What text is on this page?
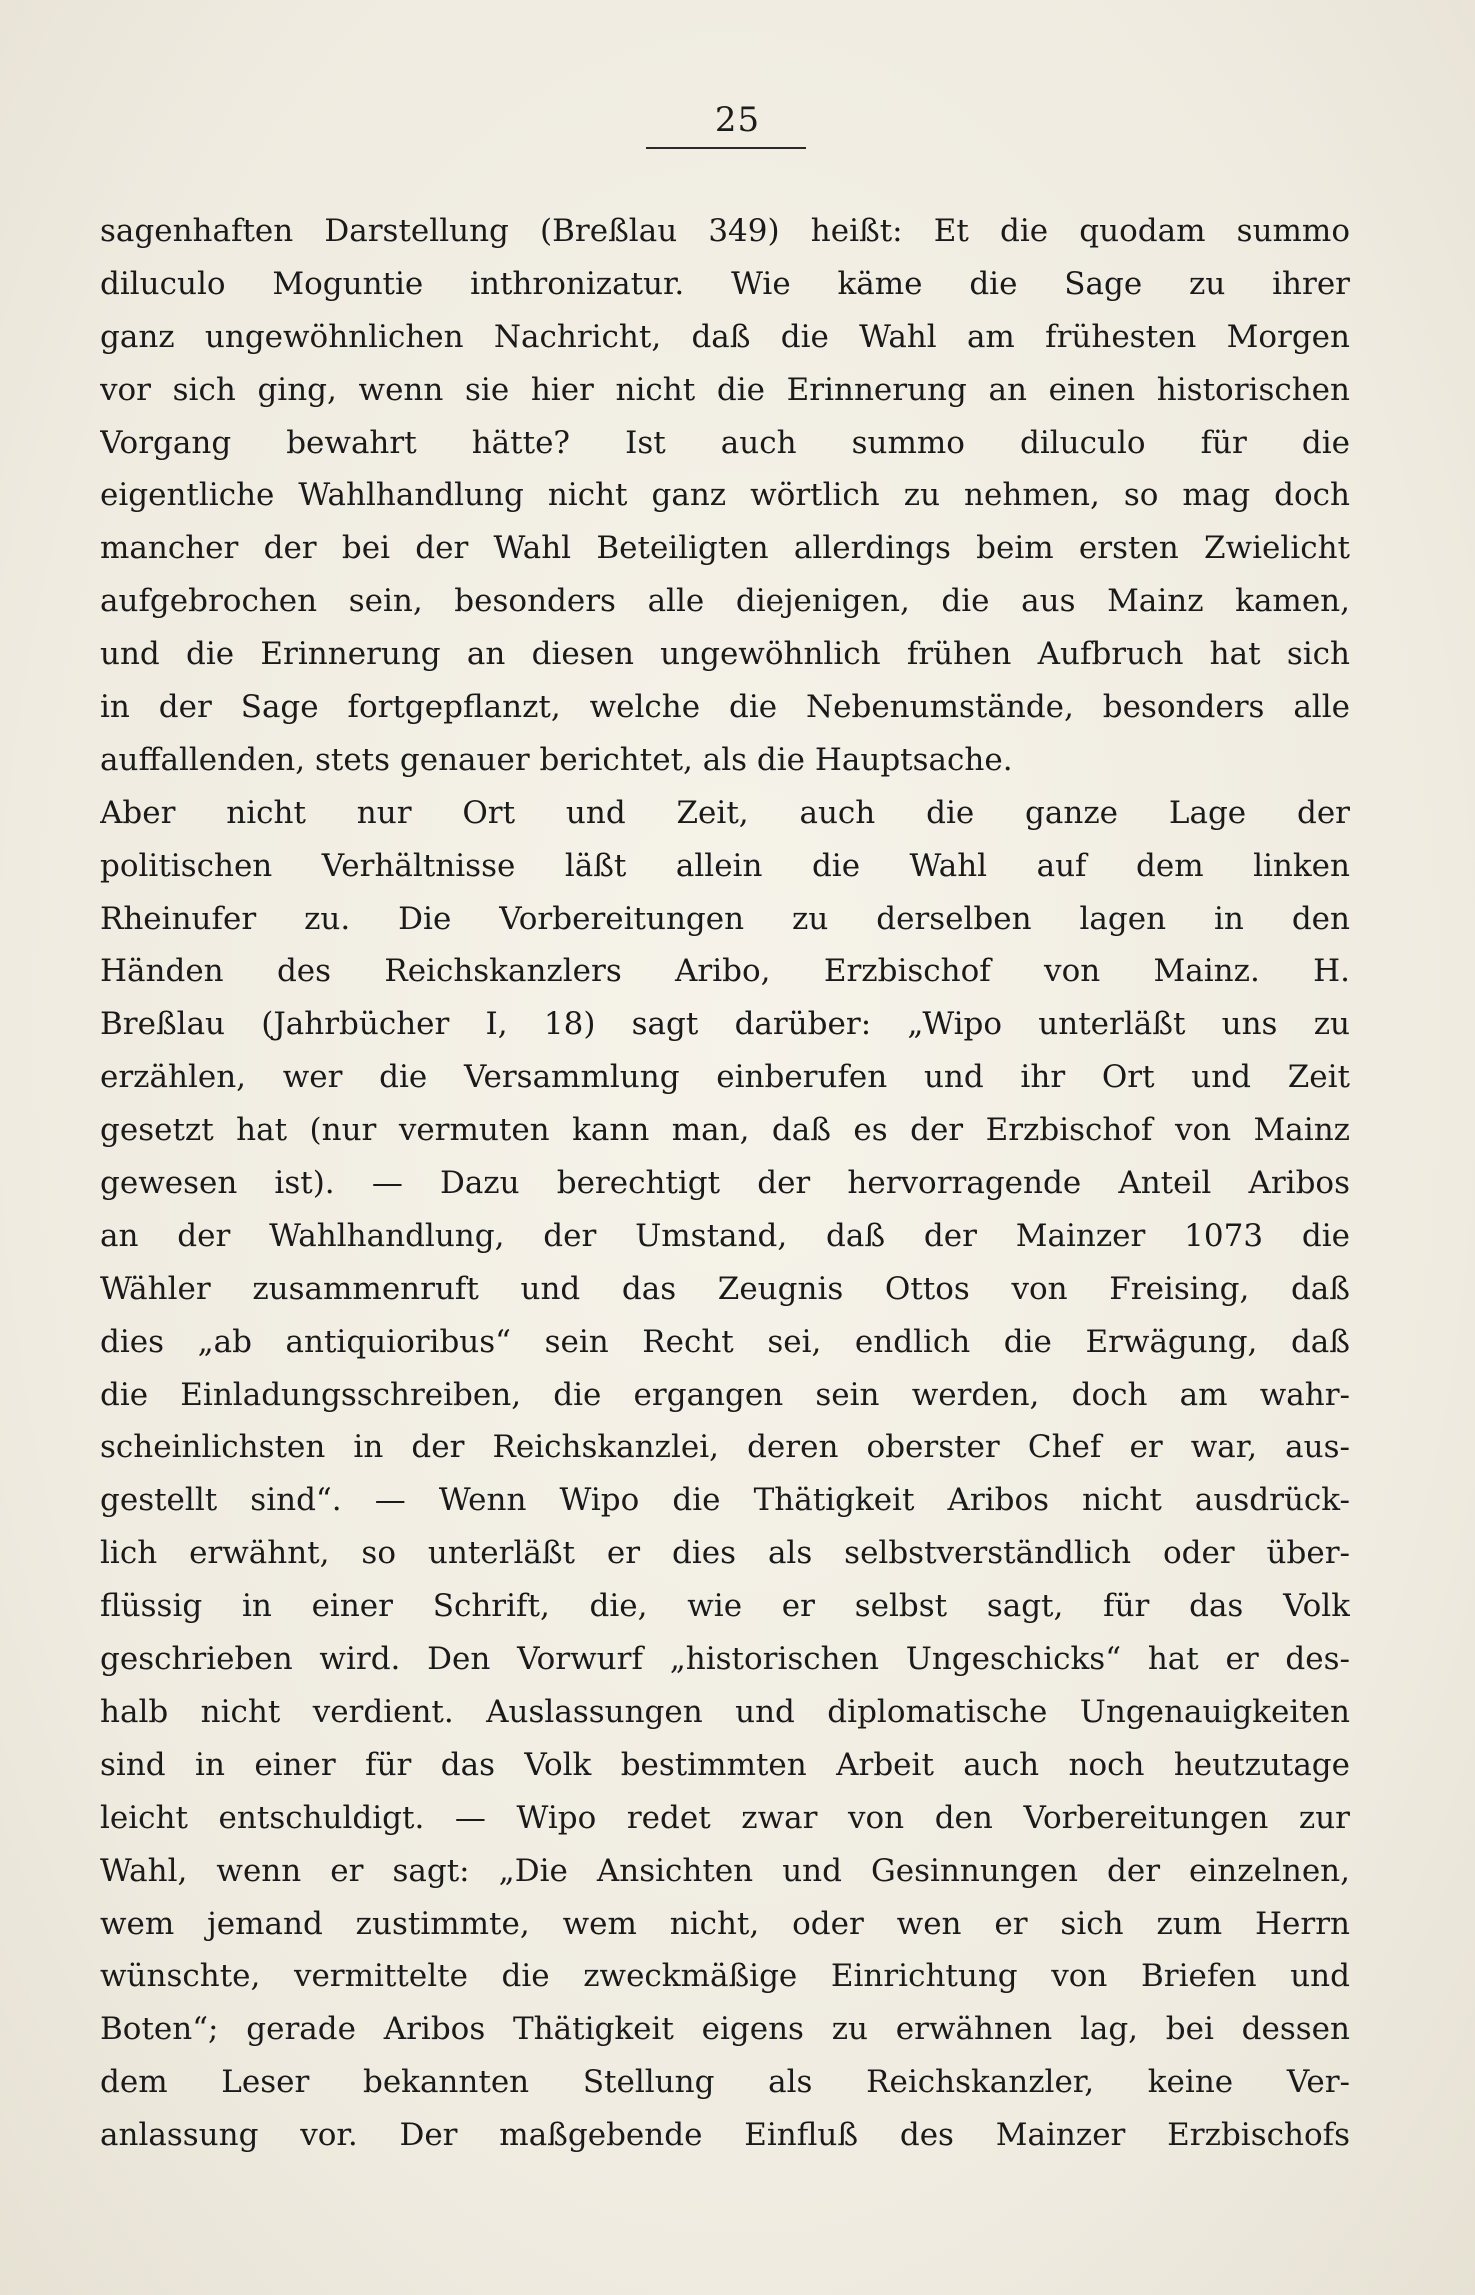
25
sagenhaften Darstellung (Breßlau 349) heißt: Et die quodam summo
diluculo Moguntie inthronizatur. Wie käme die Sage zu ihrer
ganz ungewöhnlichen Nachricht, daß die Wahl am frühesten Morgen
vor sich ging, wenn sie hier nicht die Erinnerung an einen historischen
Vorgang bewahrt hätte? Ist auch summo diluculo für die
eigentliche Wahlhandlung nicht ganz wörtlich zu nehmen, so mag doch
mancher der bei der Wahl Beteiligten allerdings beim ersten Zwielicht
aufgebrochen sein, besonders alle diejenigen, die aus Mainz kamen,
und die Erinnerung an diesen ungewöhnlich frühen Aufbruch hat sich
in der Sage fortgepflanzt, welche die Nebenumstände, besonders alle
auffallenden, stets genauer berichtet, als die Hauptsache.
Aber nicht nur Ort und Zeit, auch die ganze Lage der
politischen Verhältnisse läßt allein die Wahl auf dem linken
Rheinufer zu. Die Vorbereitungen zu derselben lagen in den
Händen des Reichskanzlers Aribo, Erzbischof von Mainz. H.
Breßlau (Jahrbücher I, 18) sagt darüber: „Wipo unterläßt uns zu
erzählen, wer die Versammlung einberufen und ihr Ort und Zeit
gesetzt hat (nur vermuten kann man, daß es der Erzbischof von Mainz
gewesen ist). — Dazu berechtigt der hervorragende Anteil Aribos
an der Wahlhandlung, der Umstand, daß der Mainzer 1073 die
Wähler zusammenruft und das Zeugnis Ottos von Freising, daß
dies „ab antiquioribus“ sein Recht sei, endlich die Erwägung, daß
die Einladungsschreiben, die ergangen sein werden, doch am wahr-
scheinlichsten in der Reichskanzlei, deren oberster Chef er war, aus-
gestellt sind“. — Wenn Wipo die Thätigkeit Aribos nicht ausdrück-
lich erwähnt, so unterläßt er dies als selbstverständlich oder über-
flüssig in einer Schrift, die, wie er selbst sagt, für das Volk
geschrieben wird. Den Vorwurf „historischen Ungeschicks“ hat er des-
halb nicht verdient. Auslassungen und diplomatische Ungenauigkeiten
sind in einer für das Volk bestimmten Arbeit auch noch heutzutage
leicht entschuldigt. — Wipo redet zwar von den Vorbereitungen zur
Wahl, wenn er sagt: „Die Ansichten und Gesinnungen der einzelnen,
wem jemand zustimmte, wem nicht, oder wen er sich zum Herrn
wünschte, vermittelte die zweckmäßige Einrichtung von Briefen und
Boten“; gerade Aribos Thätigkeit eigens zu erwähnen lag, bei dessen
dem Leser bekannten Stellung als Reichskanzler, keine Ver-
anlassung vor. Der maßgebende Einfluß des Mainzer Erzbischofs
